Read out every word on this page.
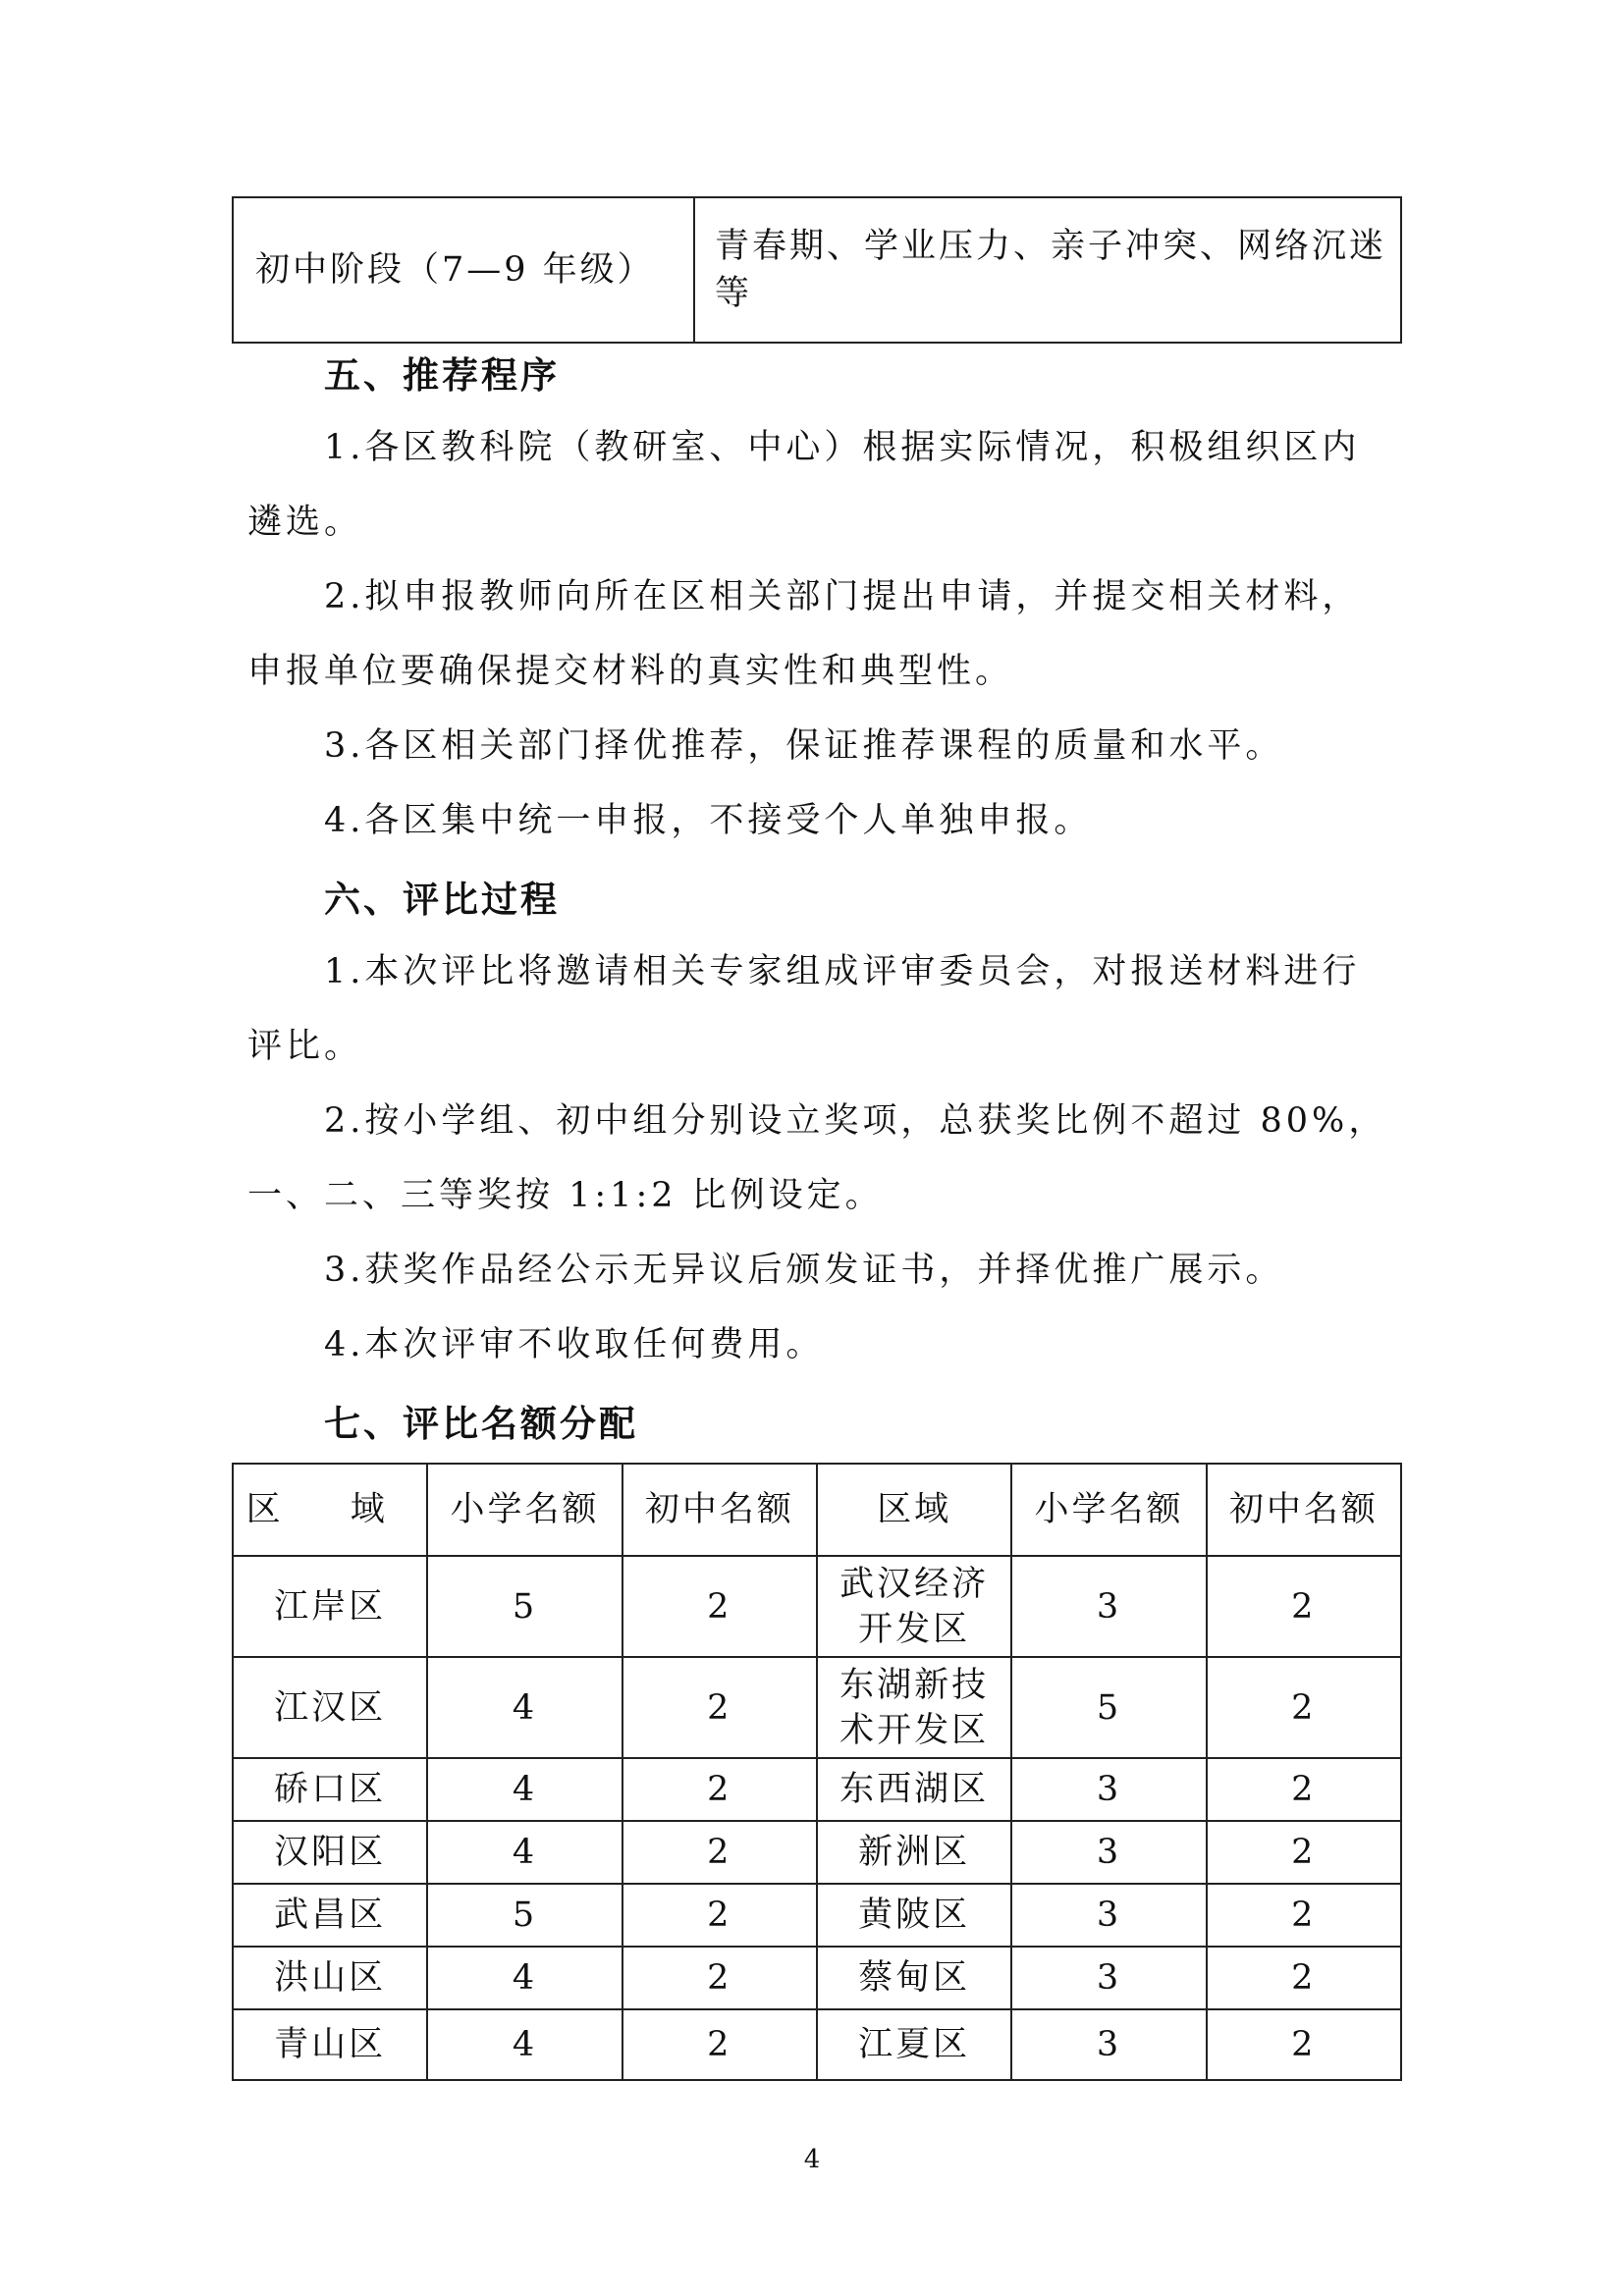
初中阶段（7—9 年级）	青春期、学业压力、亲子冲突、网络沉迷等
五、推荐程序

1.各区教科院（教研室、中心）根据实际情况，积极组织区内遴选。

2.拟申报教师向所在区相关部门提出申请，并提交相关材料，申报单位要确保提交材料的真实性和典型性。

3.各区相关部门择优推荐，保证推荐课程的质量和水平。

4.各区集中统一申报，不接受个人单独申报。

六、评比过程

1.本次评比将邀请相关专家组成评审委员会，对报送材料进行评比。

2.按小学组、初中组分别设立奖项，总获奖比例不超过 80%，一、二、三等奖按 1:1:2 比例设定。

3.获奖作品经公示无异议后颁发证书，并择优推广展示。

4.本次评审不收取任何费用。

七、评比名额分配
区 域	小学名额	初中名额	区域	小学名额	初中名额
江岸区	5	2	武汉经济开发区	3	2
江汉区	4	2	东湖新技术开发区	5	2
硚口区	4	2	东西湖区	3	2
汉阳区	4	2	新洲区	3	2
武昌区	5	2	黄陂区	3	2
洪山区	4	2	蔡甸区	3	2
青山区	4	2	江夏区	3	2
4
